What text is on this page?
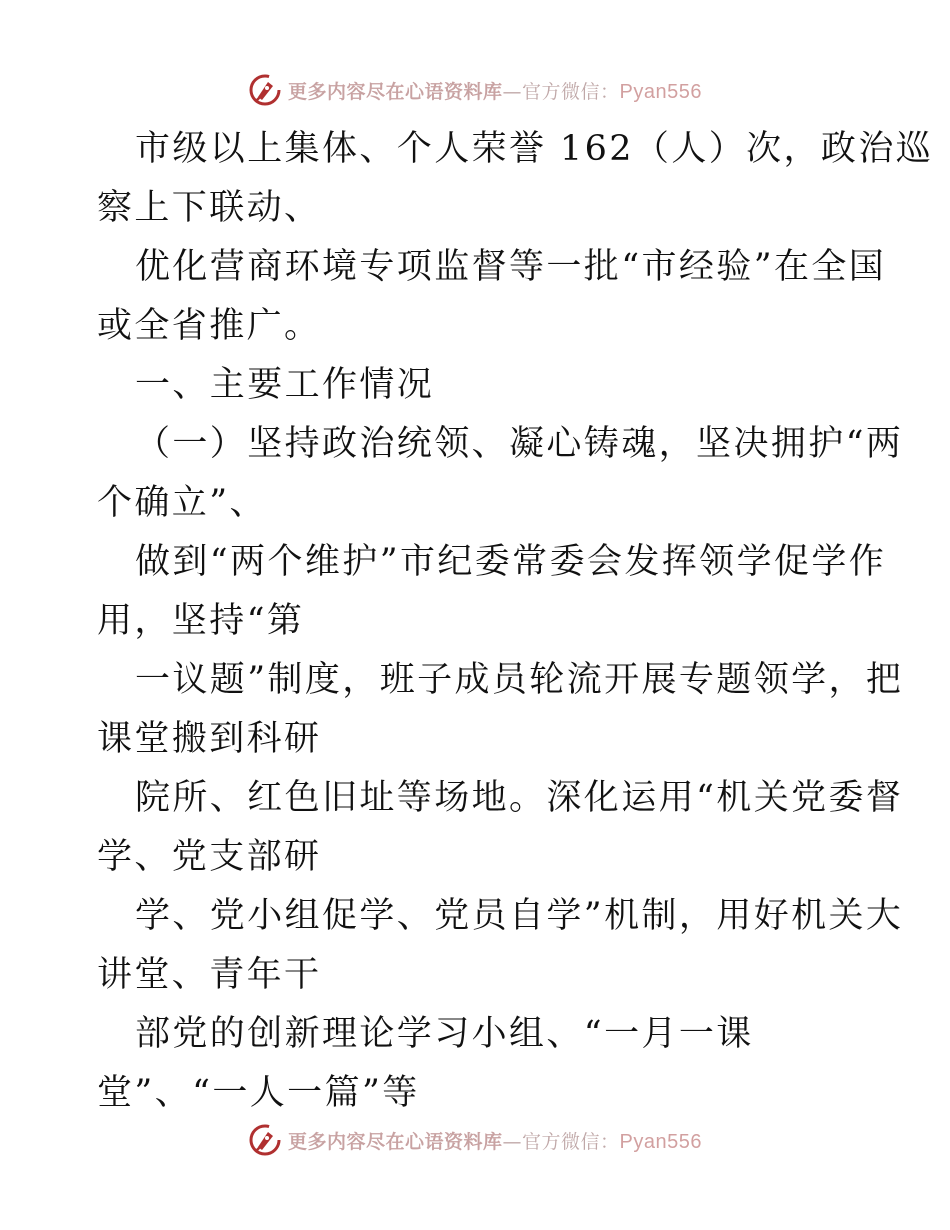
更多内容尽在心语资料库—官方微信：Pyan556
市级以上集体、个人荣誉 162（人）次，政治巡
察上下联动、
优化营商环境专项监督等一批“市经验”在全国
或全省推广。
一、主要工作情况
（一）坚持政治统领、凝心铸魂，坚决拥护“两
个确立”、
做到“两个维护”市纪委常委会发挥领学促学作
用，坚持“第
一议题”制度，班子成员轮流开展专题领学，把
课堂搬到科研
院所、红色旧址等场地。深化运用“机关党委督
学、党支部研
学、党小组促学、党员自学”机制，用好机关大
讲堂、青年干
部党的创新理论学习小组、“一月一课
堂”、“一人一篇”等
更多内容尽在心语资料库—官方微信：Pyan556
